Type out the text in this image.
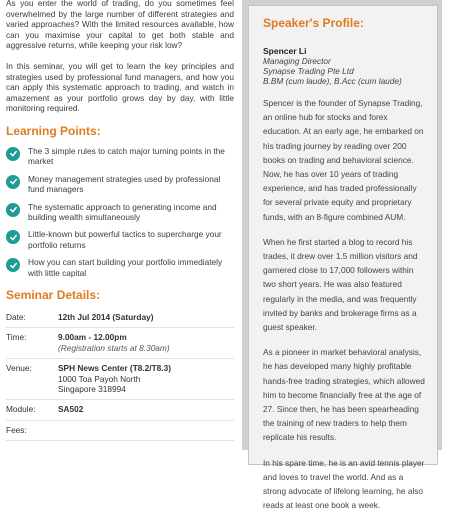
As you enter the world of trading, do you sometimes feel overwhelmed by the large number of different strategies and varied approaches? With the limited resources available, how can you maximise your capital to get both stable and aggressive returns, while keeping your risk low?

In this seminar, you will get to learn the key principles and strategies used by professional fund managers, and how you can apply this systematic approach to trading, and watch in amazement as your portfolio grows day by day, with little monitoring required.

Learning Points:
The 3 simple rules to catch major turning points in the market
Money management strategies used by professional fund managers
The systematic approach to generating income and building wealth simultaneously
Little-known but powerful tactics to supercharge your portfolio returns
How you can start building your portfolio immediately with little capital
Seminar Details:
Date:	12th Jul 2014 (Saturday)
Time:	9.00am - 12.00pm
(Registration starts at 8.30am)
Venue:	SPH News Center (T8.2/T8.3)
1000 Toa Payoh North
Singapore 318994
Module:	SA502
Fees:	
Speaker's Profile:
Spencer Li
Managing Director
Synapse Trading Pte Ltd
B.BM (cum laude), B.Acc (cum laude)

Spencer is the founder of Synapse Trading, an online hub for stocks and forex education. At an early age, he embarked on his trading journey by reading over 200 books on trading and behavioral science. Now, he has over 10 years of trading experience, and has traded professionally for several private equity and proprietary funds, with an 8-figure combined AUM.

When he first started a blog to record his trades, it drew over 1.5 million visitors and garnered close to 17,000 followers within two short years. He was also featured regularly in the media, and was frequently invited by banks and brokerage firms as a guest speaker.

As a pioneer in market behavioral analysis, he has developed many highly profitable hands-free trading strategies, which allowed him to become financially free at the age of 27. Since then, he has been spearheading the training of new traders to help them replicate his results.

In his spare time, he is an avid tennis player and loves to travel the world. And as a strong advocate of lifelong learning, he also reads at least one book a week.
